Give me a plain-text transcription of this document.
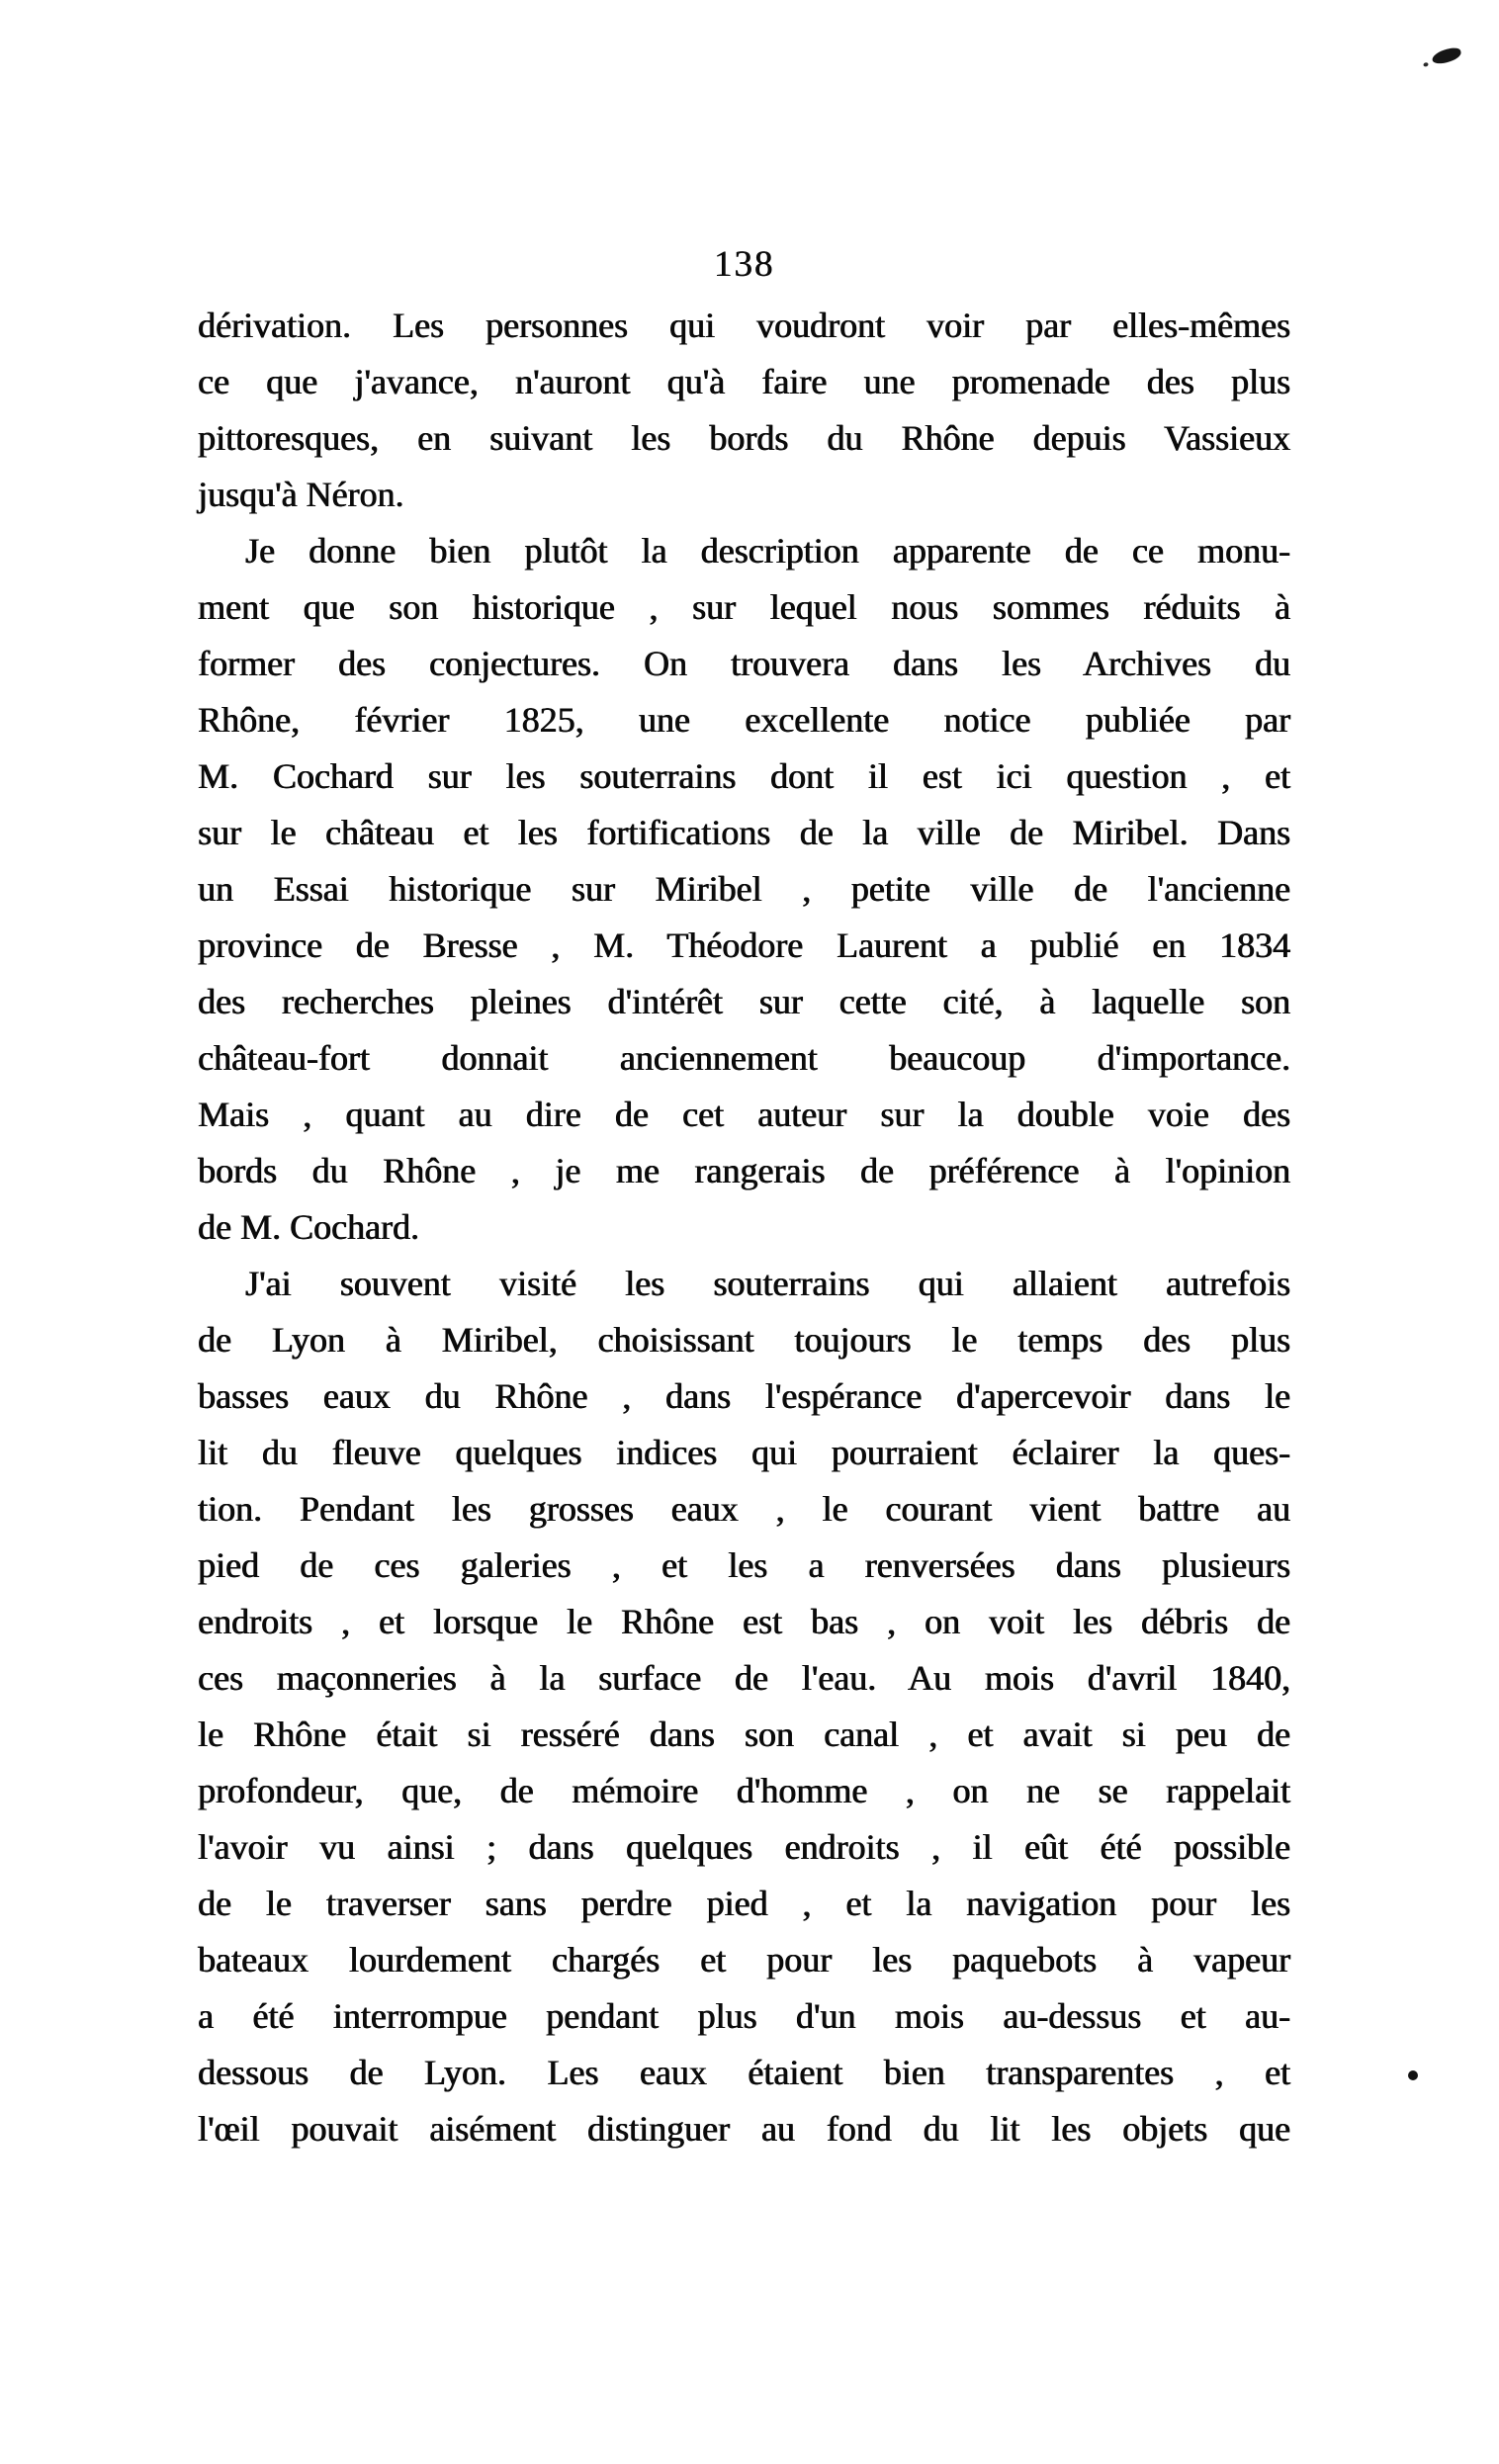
138
dérivation. Les personnes qui voudront voir par elles-mêmes
ce que j'avance, n'auront qu'à faire une promenade des plus
pittoresques, en suivant les bords du Rhône depuis Vassieux
jusqu'à Néron.
Je donne bien plutôt la description apparente de ce monu-
ment que son historique , sur lequel nous sommes réduits à
former des conjectures. On trouvera dans les Archives du
Rhône, février 1825, une excellente notice publiée par
M. Cochard sur les souterrains dont il est ici question , et
sur le château et les fortifications de la ville de Miribel. Dans
un Essai historique sur Miribel , petite ville de l'ancienne
province de Bresse , M. Théodore Laurent a publié en 1834
des recherches pleines d'intérêt sur cette cité, à laquelle son
château-fort donnait anciennement beaucoup d'importance.
Mais , quant au dire de cet auteur sur la double voie des
bords du Rhône , je me rangerais de préférence à l'opinion
de M. Cochard.
J'ai souvent visité les souterrains qui allaient autrefois
de Lyon à Miribel, choisissant toujours le temps des plus
basses eaux du Rhône , dans l'espérance d'apercevoir dans le
lit du fleuve quelques indices qui pourraient éclairer la ques-
tion. Pendant les grosses eaux , le courant vient battre au
pied de ces galeries , et les a renversées dans plusieurs
endroits , et lorsque le Rhône est bas , on voit les débris de
ces maçonneries à la surface de l'eau. Au mois d'avril 1840,
le Rhône était si resséré dans son canal , et avait si peu de
profondeur, que, de mémoire d'homme , on ne se rappelait
l'avoir vu ainsi ; dans quelques endroits , il eût été possible
de le traverser sans perdre pied , et la navigation pour les
bateaux lourdement chargés et pour les paquebots à vapeur
a été interrompue pendant plus d'un mois au-dessus et au-
dessous de Lyon. Les eaux étaient bien transparentes , et
l'œil pouvait aisément distinguer au fond du lit les objets que
